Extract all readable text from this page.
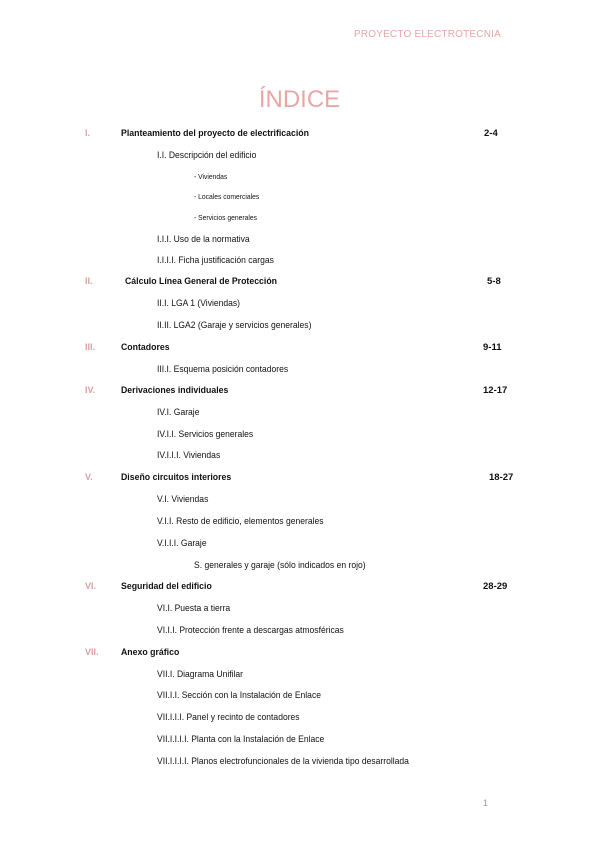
PROYECTO ELECTROTECNIA
ÍNDICE
I.	Planteamiento del proyecto de electrificación	2-4
I.I. Descripción del edificio
- Viviendas
- Locales comerciales
- Servicios generales
I.I.I. Uso de la normativa
I.I.I.I. Ficha justificación cargas
II.	Cálculo Línea General de Protección	5-8
II.I. LGA 1 (Viviendas)
II.II. LGA2 (Garaje y servicios generales)
III.	Contadores	9-11
III.I. Esquema posición contadores
IV.	Derivaciones individuales	12-17
IV.I. Garaje
IV.I.I. Servicios generales
IV.I.I.I. Viviendas
V.	Diseño circuitos interiores	18-27
V.I. Viviendas
V.I.I. Resto de edificio, elementos generales
V.I.I.I. Garaje
S. generales y garaje (sólo indicados en rojo)
VI.	Seguridad del edificio	28-29
VI.I. Puesta a tierra
VI.I.I. Protección frente a descargas atmosféricas
VII. Anexo gráfico
VII.I. Diagrama Unifilar
VII.I.I. Sección con la Instalación de Enlace
VII.I.I.I. Panel y recinto de contadores
VII.I.I.I.I. Planta con la Instalación de Enlace
VII.I.I.I.I. Planos electrofuncionales de la vivienda tipo desarrollada
1
